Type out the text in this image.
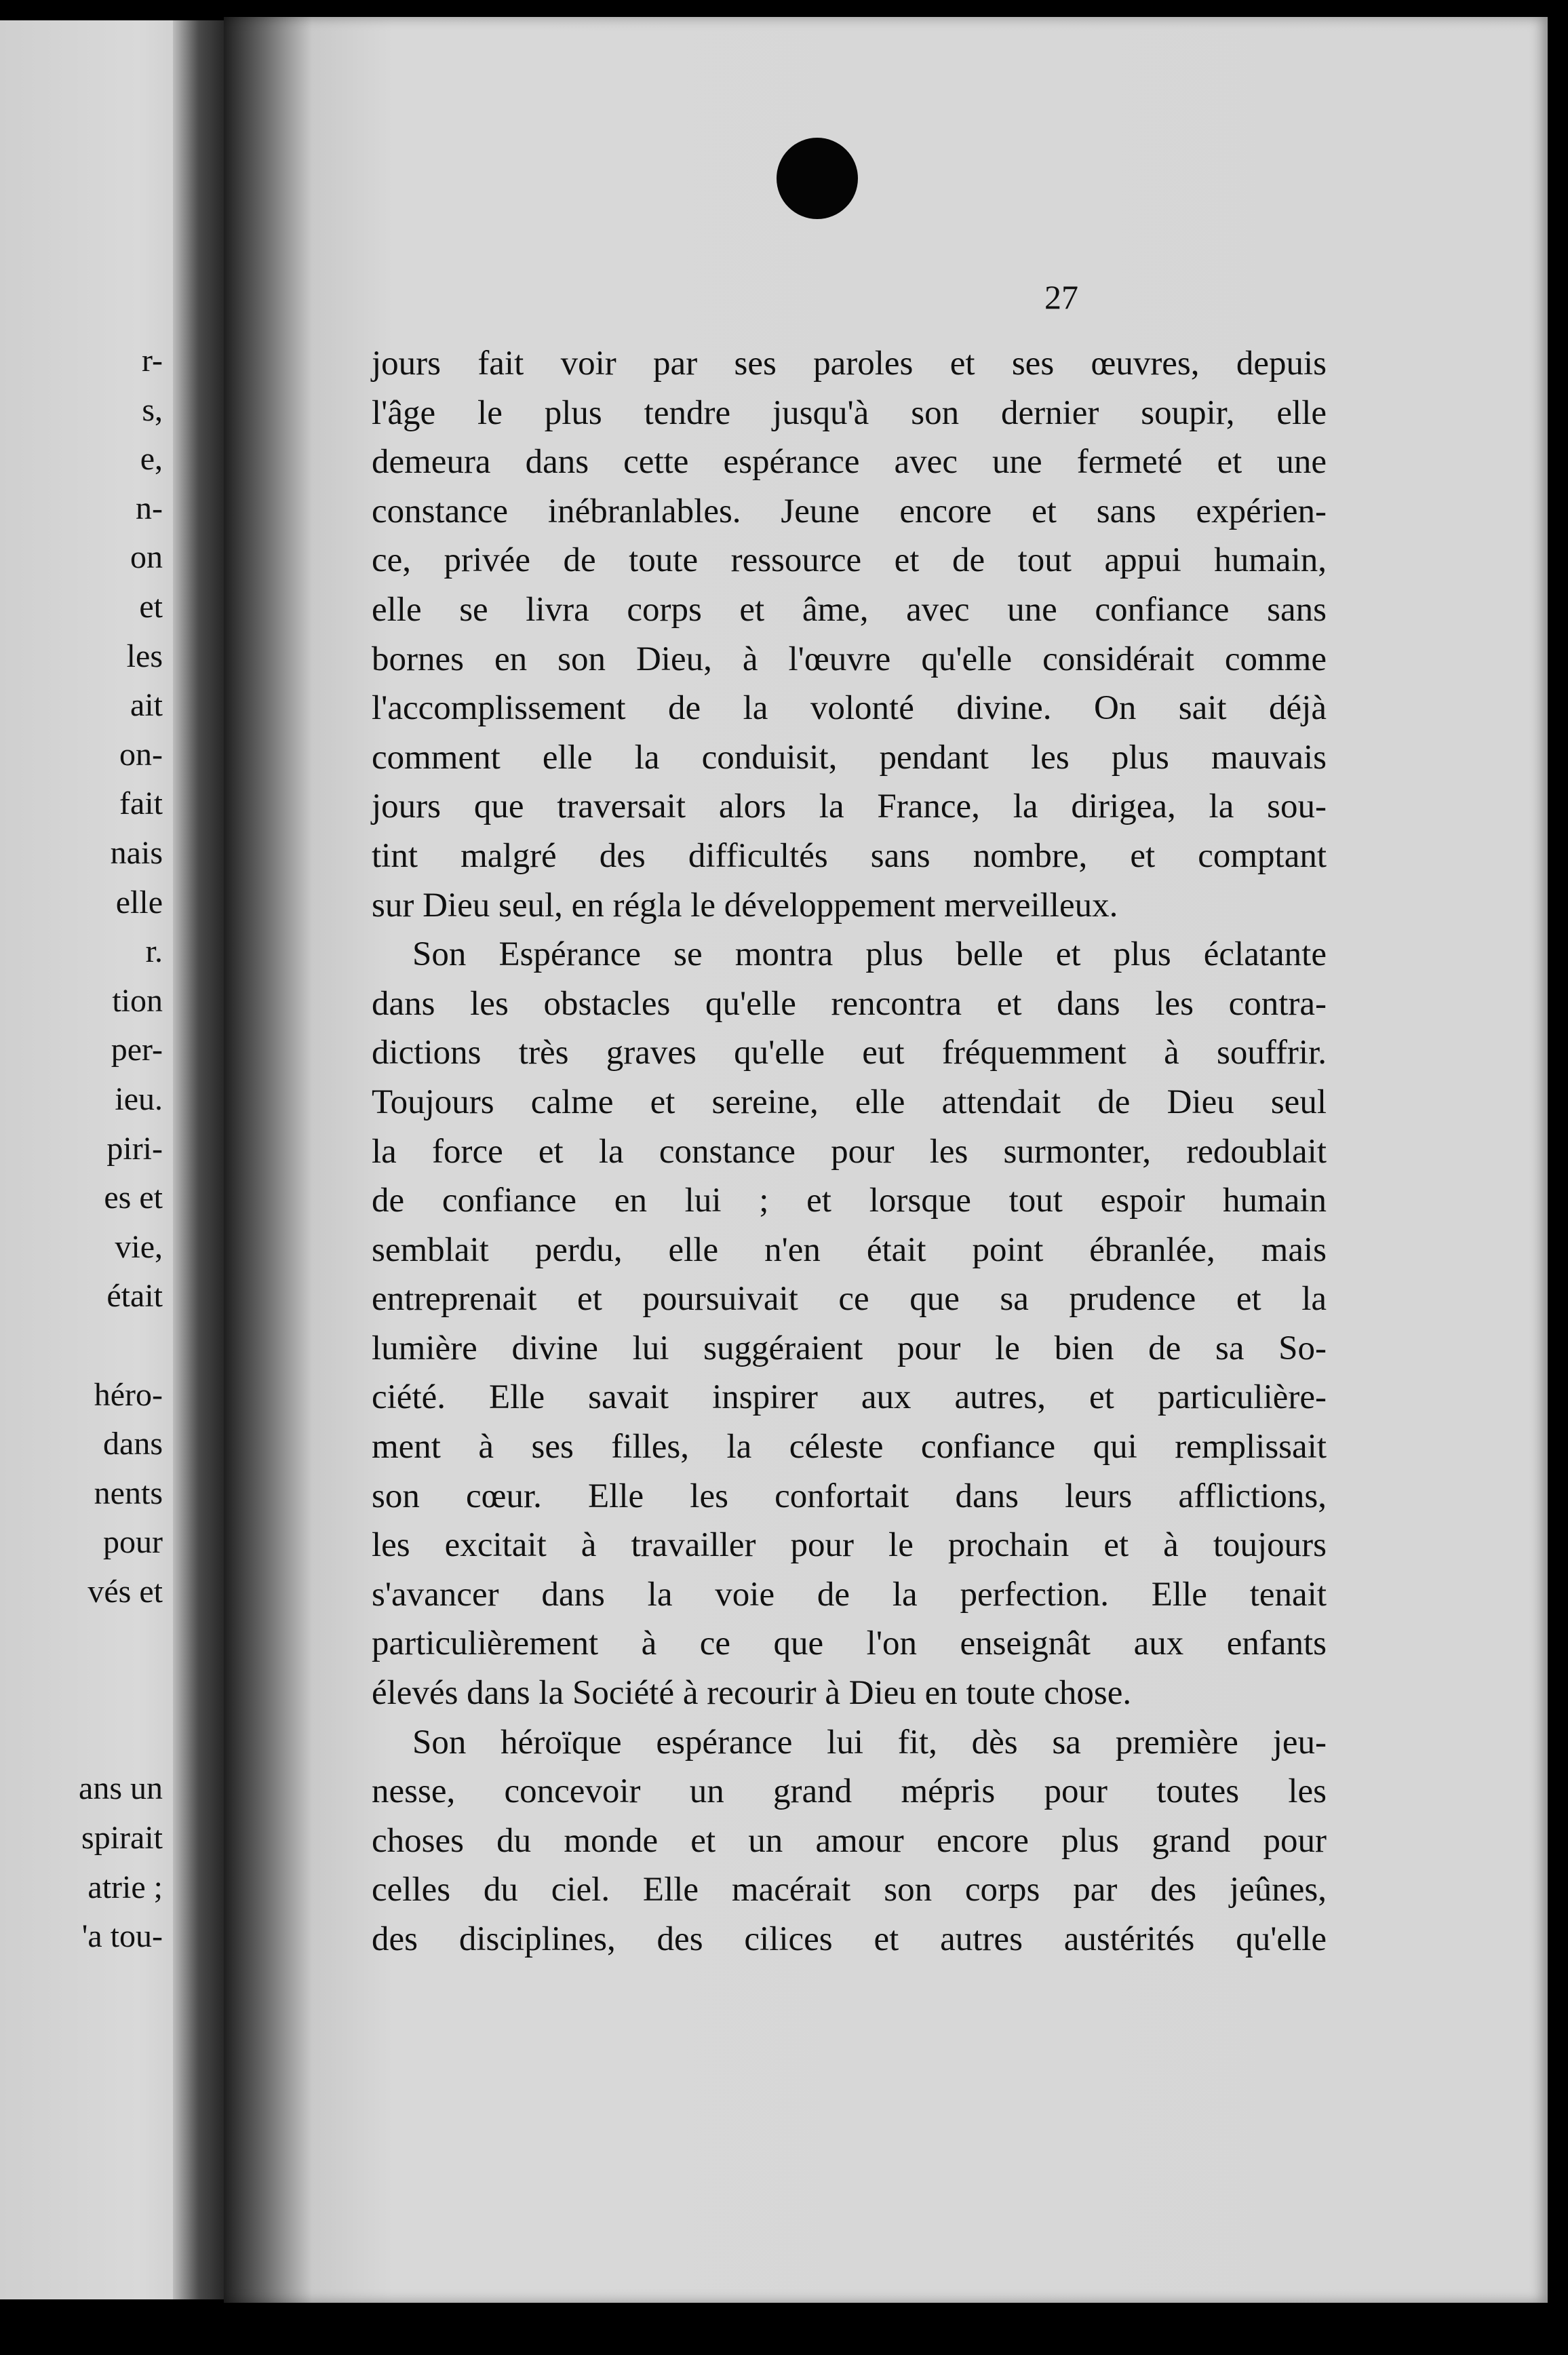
r-
s,
e,
n-
on
et
les
ait
on-
fait
nais
elle
r.
tion
per-
ieu.
piri-
es et
vie,
était
héro-
dans
nents
pour
vés et
ans un
spirait
atrie ;
'a tou-
27
jours fait voir par ses paroles et ses œuvres, depuis
l'âge le plus tendre jusqu'à son dernier soupir, elle
demeura dans cette espérance avec une fermeté et une
constance inébranlables. Jeune encore et sans expérien-
ce, privée de toute ressource et de tout appui humain,
elle se livra corps et âme, avec une confiance sans
bornes en son Dieu, à l'œuvre qu'elle considérait comme
l'accomplissement de la volonté divine. On sait déjà
comment elle la conduisit, pendant les plus mauvais
jours que traversait alors la France, la dirigea, la sou-
tint malgré des difficultés sans nombre, et comptant
sur Dieu seul, en régla le développement merveilleux.
Son Espérance se montra plus belle et plus éclatante
dans les obstacles qu'elle rencontra et dans les contra-
dictions très graves qu'elle eut fréquemment à souffrir.
Toujours calme et sereine, elle attendait de Dieu seul
la force et la constance pour les surmonter, redoublait
de confiance en lui ; et lorsque tout espoir humain
semblait perdu, elle n'en était point ébranlée, mais
entreprenait et poursuivait ce que sa prudence et la
lumière divine lui suggéraient pour le bien de sa So-
ciété. Elle savait inspirer aux autres, et particulière-
ment à ses filles, la céleste confiance qui remplissait
son cœur. Elle les confortait dans leurs afflictions,
les excitait à travailler pour le prochain et à toujours
s'avancer dans la voie de la perfection. Elle tenait
particulièrement à ce que l'on enseignât aux enfants
élevés dans la Société à recourir à Dieu en toute chose.
Son héroïque espérance lui fit, dès sa première jeu-
nesse, concevoir un grand mépris pour toutes les
choses du monde et un amour encore plus grand pour
celles du ciel. Elle macérait son corps par des jeûnes,
des disciplines, des cilices et autres austérités qu'elle
